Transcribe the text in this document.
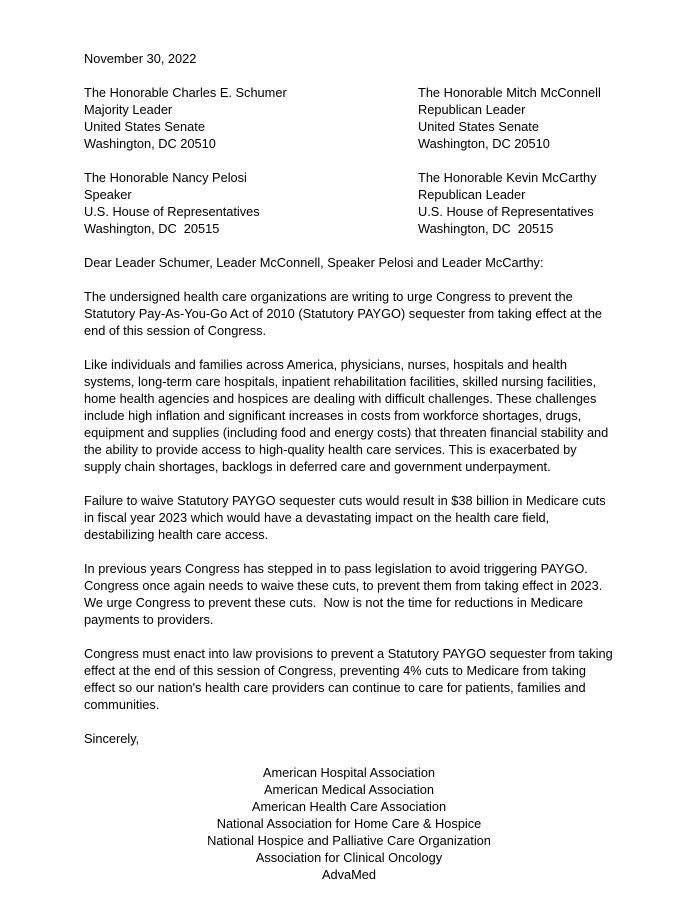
November 30, 2022

The Honorable Charles E. Schumer

Majority Leader

United States Senate

Washington, DC 20510

The Honorable Mitch McConnell

Republican Leader

United States Senate

Washington, DC 20510

The Honorable Nancy Pelosi

Speaker

U.S. House of Representatives

Washington, DC  20515

The Honorable Kevin McCarthy

Republican Leader

U.S. House of Representatives

Washington, DC  20515

Dear Leader Schumer, Leader McConnell, Speaker Pelosi and Leader McCarthy:

The undersigned health care organizations are writing to urge Congress to prevent the Statutory Pay-As-You-Go Act of 2010 (Statutory PAYGO) sequester from taking effect at the end of this session of Congress.

Like individuals and families across America, physicians, nurses, hospitals and health systems, long-term care hospitals, inpatient rehabilitation facilities, skilled nursing facilities, home health agencies and hospices are dealing with difficult challenges. These challenges include high inflation and significant increases in costs from workforce shortages, drugs, equipment and supplies (including food and energy costs) that threaten financial stability and the ability to provide access to high-quality health care services. This is exacerbated by supply chain shortages, backlogs in deferred care and government underpayment.

Failure to waive Statutory PAYGO sequester cuts would result in $38 billion in Medicare cuts in fiscal year 2023 which would have a devastating impact on the health care field, destabilizing health care access.

In previous years Congress has stepped in to pass legislation to avoid triggering PAYGO. Congress once again needs to waive these cuts, to prevent them from taking effect in 2023.  We urge Congress to prevent these cuts.  Now is not the time for reductions in Medicare payments to providers.

Congress must enact into law provisions to prevent a Statutory PAYGO sequester from taking effect at the end of this session of Congress, preventing 4% cuts to Medicare from taking effect so our nation's health care providers can continue to care for patients, families and communities.

Sincerely,

American Hospital Association

American Medical Association

American Health Care Association

National Association for Home Care & Hospice

National Hospice and Palliative Care Organization

Association for Clinical Oncology

AdvaMed
